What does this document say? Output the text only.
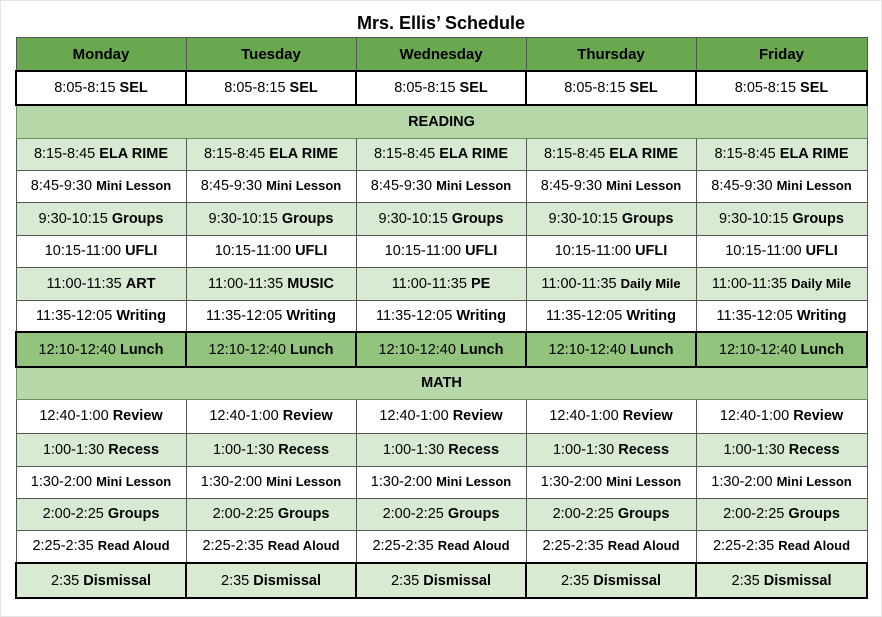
Mrs. Ellis’ Schedule
Monday	Tuesday	Wednesday	Thursday	Friday
8:05-8:15 SEL	8:05-8:15 SEL	8:05-8:15 SEL	8:05-8:15 SEL	8:05-8:15 SEL
READING				
8:15-8:45 ELA RIME	8:15-8:45 ELA RIME	8:15-8:45 ELA RIME	8:15-8:45 ELA RIME	8:15-8:45 ELA RIME
8:45-9:30 Mini Lesson	8:45-9:30 Mini Lesson	8:45-9:30 Mini Lesson	8:45-9:30 Mini Lesson	8:45-9:30 Mini Lesson
9:30-10:15 Groups	9:30-10:15 Groups	9:30-10:15 Groups	9:30-10:15 Groups	9:30-10:15 Groups
10:15-11:00 UFLI	10:15-11:00 UFLI	10:15-11:00 UFLI	10:15-11:00 UFLI	10:15-11:00 UFLI
11:00-11:35 ART	11:00-11:35 MUSIC	11:00-11:35 PE	11:00-11:35 Daily Mile	11:00-11:35 Daily Mile
11:35-12:05 Writing	11:35-12:05 Writing	11:35-12:05 Writing	11:35-12:05 Writing	11:35-12:05 Writing
12:10-12:40 Lunch	12:10-12:40 Lunch	12:10-12:40 Lunch	12:10-12:40 Lunch	12:10-12:40 Lunch
MATH				
12:40-1:00 Review	12:40-1:00 Review	12:40-1:00 Review	12:40-1:00 Review	12:40-1:00 Review
1:00-1:30 Recess	1:00-1:30 Recess	1:00-1:30 Recess	1:00-1:30 Recess	1:00-1:30 Recess
1:30-2:00 Mini Lesson	1:30-2:00 Mini Lesson	1:30-2:00 Mini Lesson	1:30-2:00 Mini Lesson	1:30-2:00 Mini Lesson
2:00-2:25 Groups	2:00-2:25 Groups	2:00-2:25 Groups	2:00-2:25 Groups	2:00-2:25 Groups
2:25-2:35 Read Aloud	2:25-2:35 Read Aloud	2:25-2:35 Read Aloud	2:25-2:35 Read Aloud	2:25-2:35 Read Aloud
2:35 Dismissal	2:35 Dismissal	2:35 Dismissal	2:35 Dismissal	2:35 Dismissal
